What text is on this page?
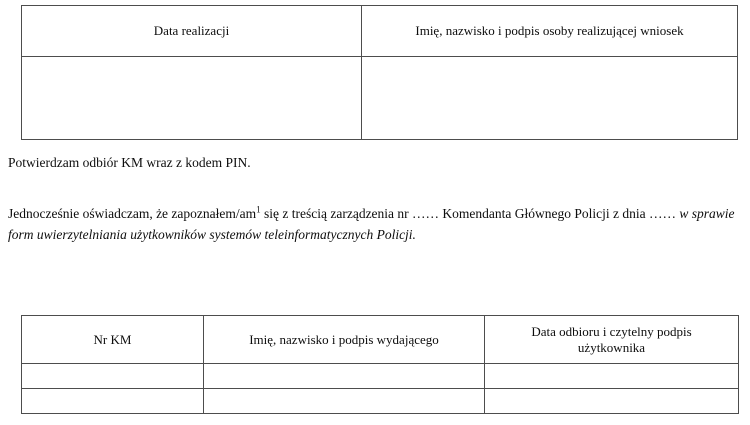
Data realizacji	Imię, nazwisko i podpis osoby realizującej wniosek

Potwierdzam odbiór KM wraz z kodem PIN.
Jednocześnie oświadczam, że zapoznałem/$am^1$ się z treścią zarządzenia nr …… Komendanta Głównego Policji z dnia …… w sprawie form uwierzytelniania użytkowników systemów teleinformatycznych Policji.
Nr KM	Imię, nazwisko i podpis wydającego	Data odbioru i czytelny podpis
użytkownika
